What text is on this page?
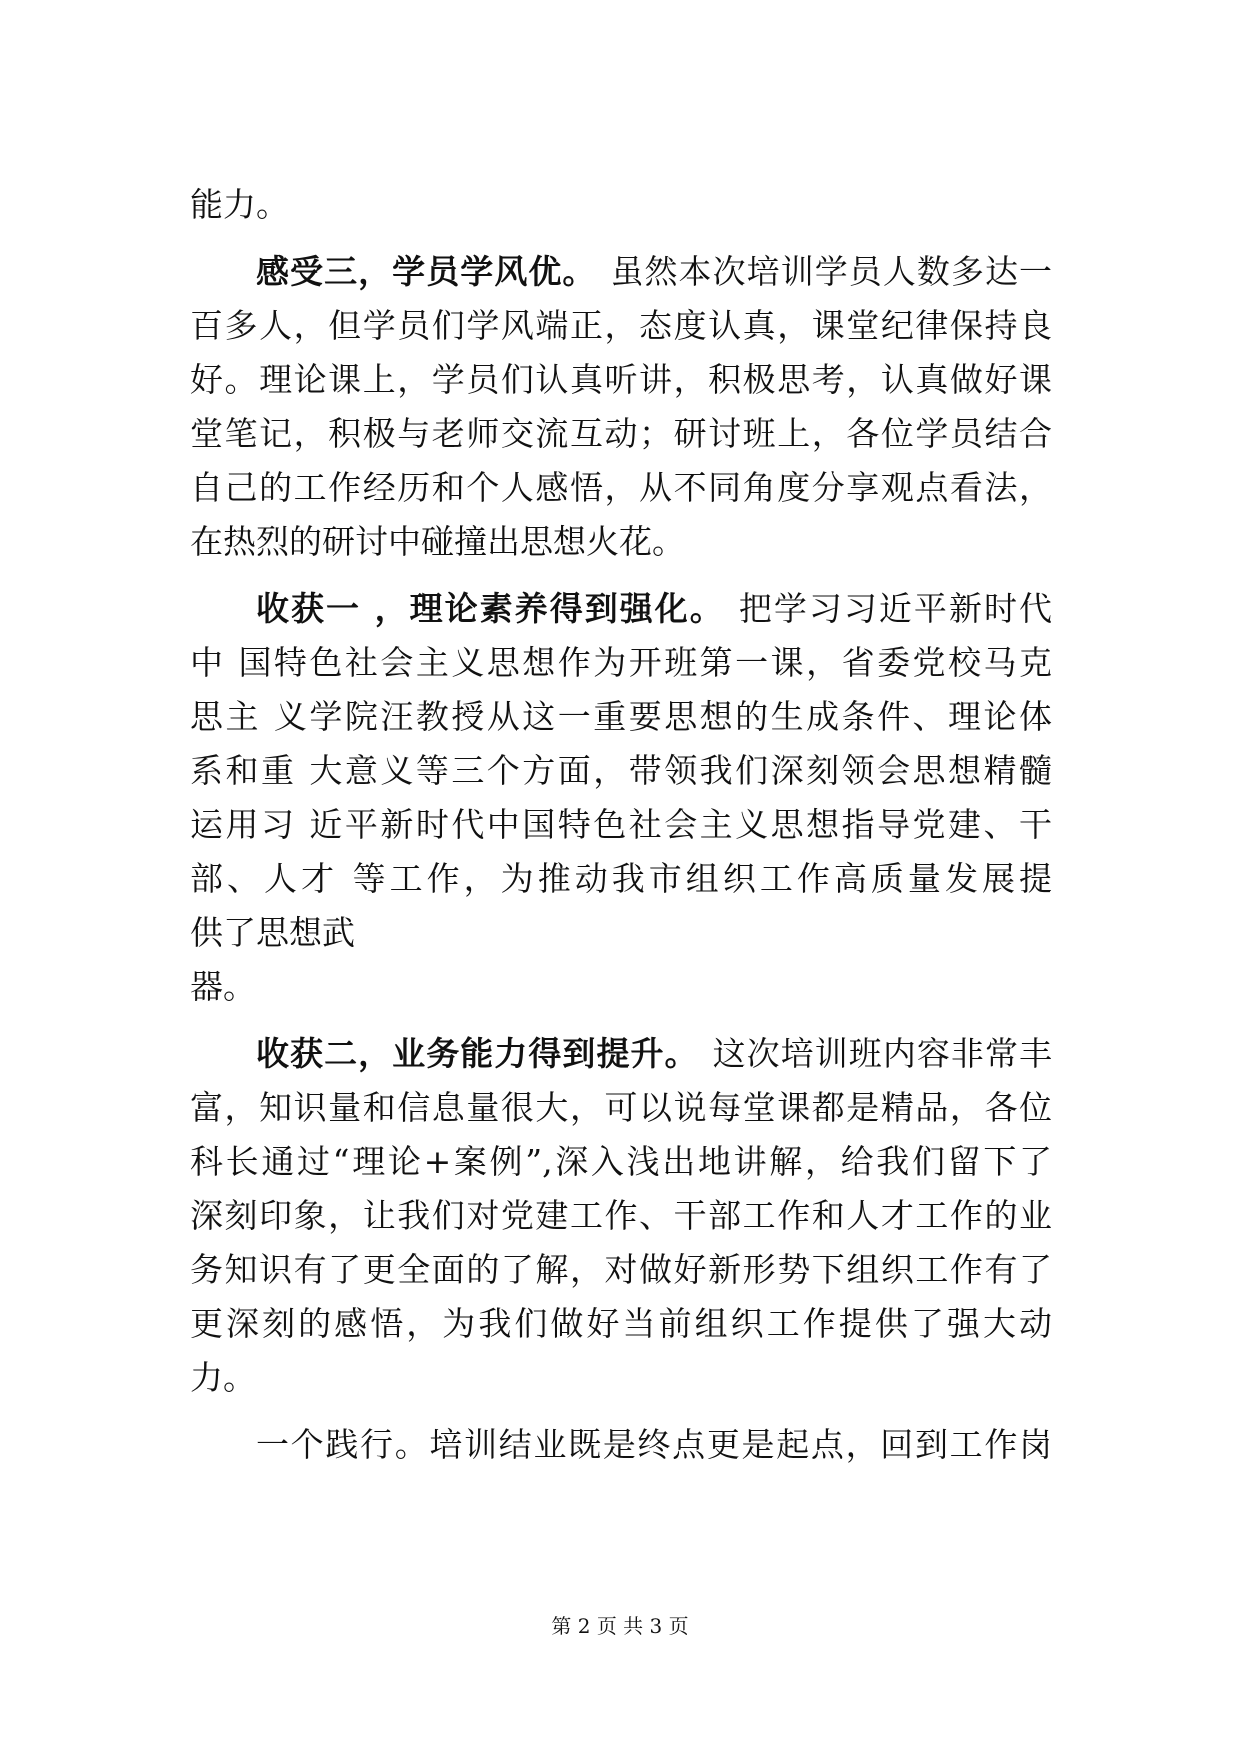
能力。
感受三，学员学风优。 虽然本次培训学员人数多达一
百多人，但学员们学风端正，态度认真，课堂纪律保持良
好。理论课上，学员们认真听讲，积极思考，认真做好课
堂笔记，积极与老师交流互动；研讨班上，各位学员结合
自己的工作经历和个人感悟，从不同角度分享观点看法，
在热烈的研讨中碰撞出思想火花。
收获一 ，理论素养得到强化。 把学习习近平新时代
中 国特色社会主义思想作为开班第一课，省委党校马克
思主 义学院汪教授从这一重要思想的生成条件、理论体
系和重 大意义等三个方面，带领我们深刻领会思想精髓
运用习 近平新时代中国特色社会主义思想指导党建、干
部、人才 等工作，为推动我市组织工作高质量发展提
供了思想武
器。
收获二，业务能力得到提升。 这次培训班内容非常丰
富，知识量和信息量很大，可以说每堂课都是精品，各位
科长通过“理论+案例”,深入浅出地讲解，给我们留下了
深刻印象，让我们对党建工作、干部工作和人才工作的业
务知识有了更全面的了解，对做好新形势下组织工作有了
更深刻的感悟，为我们做好当前组织工作提供了强大动
力。
一个践行。培训结业既是终点更是起点，回到工作岗
第 2 页 共 3 页
